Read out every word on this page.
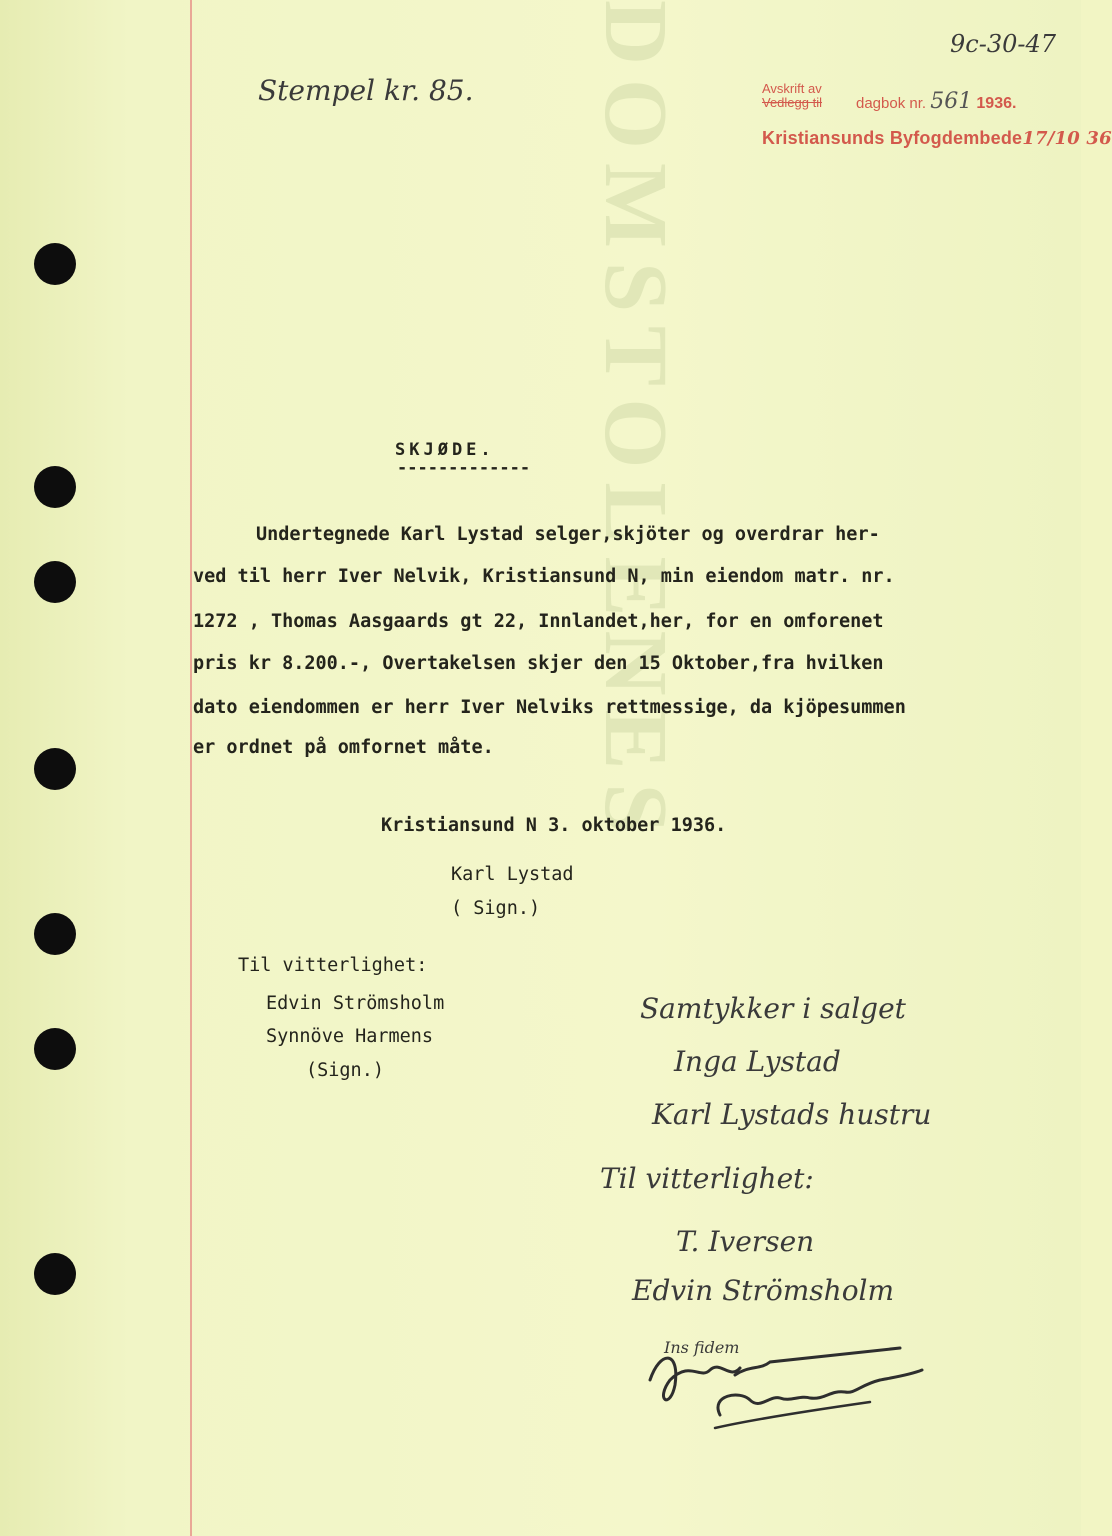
DOMSTOLENES
Stempel kr. 85.
9c-30-47
Avskrift av
Vedlegg til dagbok nr. 561 1936.
Kristiansunds Byfogdembede17/10 36
SKJØDE.
-------------
Undertegnede Karl Lystad selger,skjöter og overdrar her-
ved til herr Iver Nelvik, Kristiansund N, min eiendom matr. nr.
1272 , Thomas Aasgaards gt 22, Innlandet,her, for en omforenet
pris kr 8.200.-, Overtakelsen skjer den 15 Oktober,fra hvilken
dato eiendommen er herr Iver Nelviks rettmessige, da kjöpesummen
er ordnet på omfornet måte.
Kristiansund N 3. oktober 1936.
Karl Lystad
( Sign.)
Til vitterlighet:
Edvin Strömsholm
Synnöve Harmens
(Sign.)
Samtykker i salget
Inga Lystad
Karl Lystads hustru
Til vitterlighet:
T. Iversen
Edvin Strömsholm
Ins fidem
